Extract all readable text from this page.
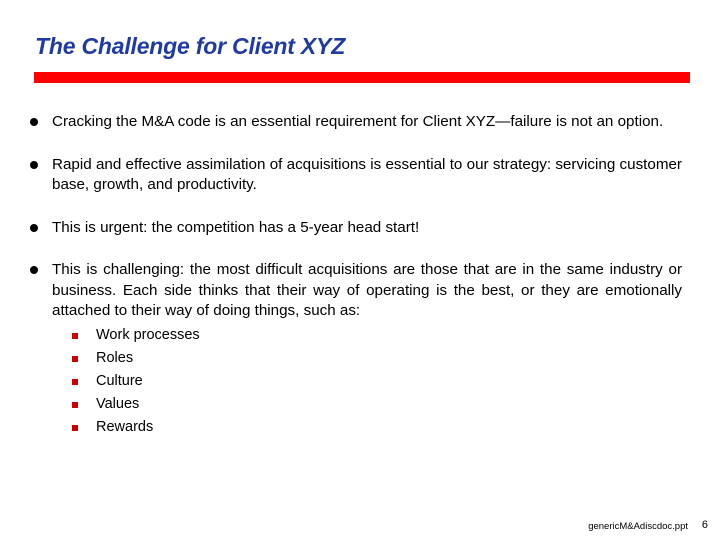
The Challenge for Client XYZ
Cracking the M&A code is an essential requirement for Client XYZ—failure is not an option.
Rapid and effective assimilation of acquisitions is essential to our strategy: servicing customer base, growth, and productivity.
This is urgent: the competition has a 5-year head start!
This is challenging: the most difficult acquisitions are those that are in the same industry or business. Each side thinks that their way of operating is the best, or they are emotionally attached to their way of doing things, such as:
Work processes
Roles
Culture
Values
Rewards
genericM&Adiscdoc.ppt 6
